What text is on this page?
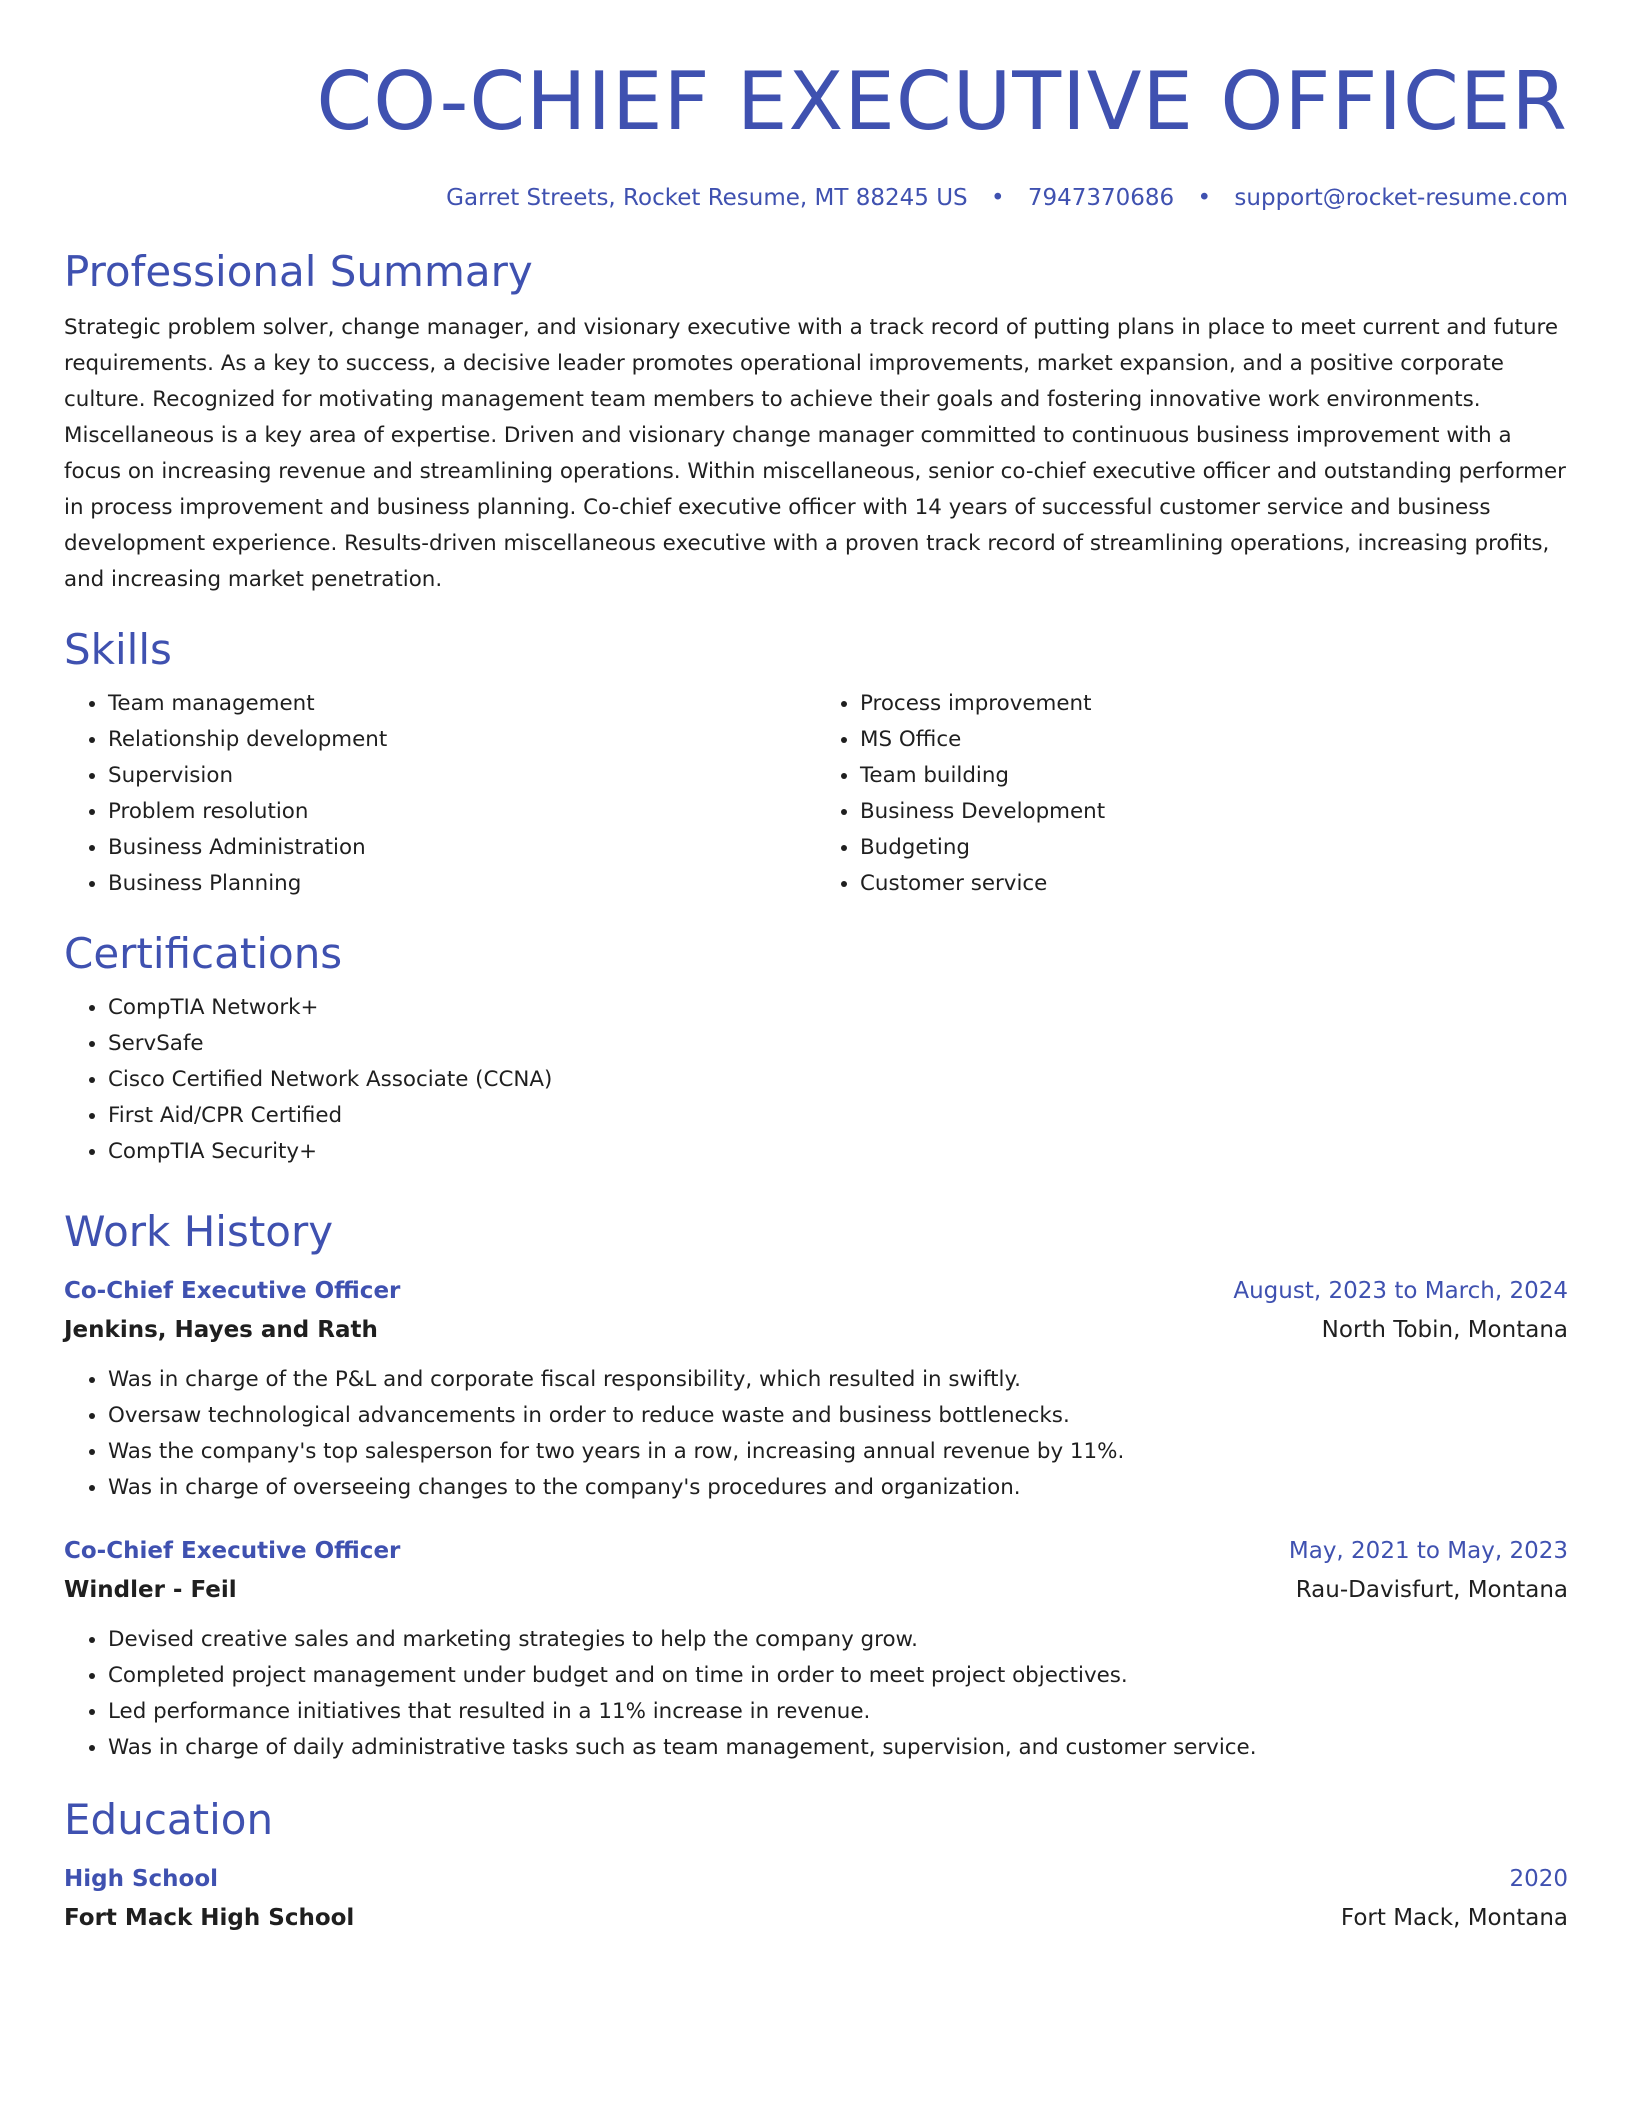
CO-CHIEF EXECUTIVE OFFICER
Garret Streets, Rocket Resume, MT 88245 US • 7947370686 • support@rocket-resume.com
Professional Summary
Strategic problem solver, change manager, and visionary executive with a track record of putting plans in place to meet current and future requirements. As a key to success, a decisive leader promotes operational improvements, market expansion, and a positive corporate culture. Recognized for motivating management team members to achieve their goals and fostering innovative work environments. Miscellaneous is a key area of expertise. Driven and visionary change manager committed to continuous business improvement with a focus on increasing revenue and streamlining operations. Within miscellaneous, senior co-chief executive officer and outstanding performer in process improvement and business planning. Co-chief executive officer with 14 years of successful customer service and business development experience. Results-driven miscellaneous executive with a proven track record of streamlining operations, increasing profits, and increasing market penetration.
Skills
• Team management
• Relationship development
• Supervision
• Problem resolution
• Business Administration
• Business Planning
• Process improvement
• MS Office
• Team building
• Business Development
• Budgeting
• Customer service
Certifications
• CompTIA Network+
• ServSafe
• Cisco Certified Network Associate (CCNA)
• First Aid/CPR Certified
• CompTIA Security+
Work History
Co-Chief Executive Officer	August, 2023 to March, 2024
Jenkins, Hayes and Rath	North Tobin, Montana
• Was in charge of the P&L and corporate fiscal responsibility, which resulted in swiftly.
• Oversaw technological advancements in order to reduce waste and business bottlenecks.
• Was the company's top salesperson for two years in a row, increasing annual revenue by 11%.
• Was in charge of overseeing changes to the company's procedures and organization.
Co-Chief Executive Officer	May, 2021 to May, 2023
Windler - Feil	Rau-Davisfurt, Montana
• Devised creative sales and marketing strategies to help the company grow.
• Completed project management under budget and on time in order to meet project objectives.
• Led performance initiatives that resulted in a 11% increase in revenue.
• Was in charge of daily administrative tasks such as team management, supervision, and customer service.
Education
High School	2020
Fort Mack High School	Fort Mack, Montana
